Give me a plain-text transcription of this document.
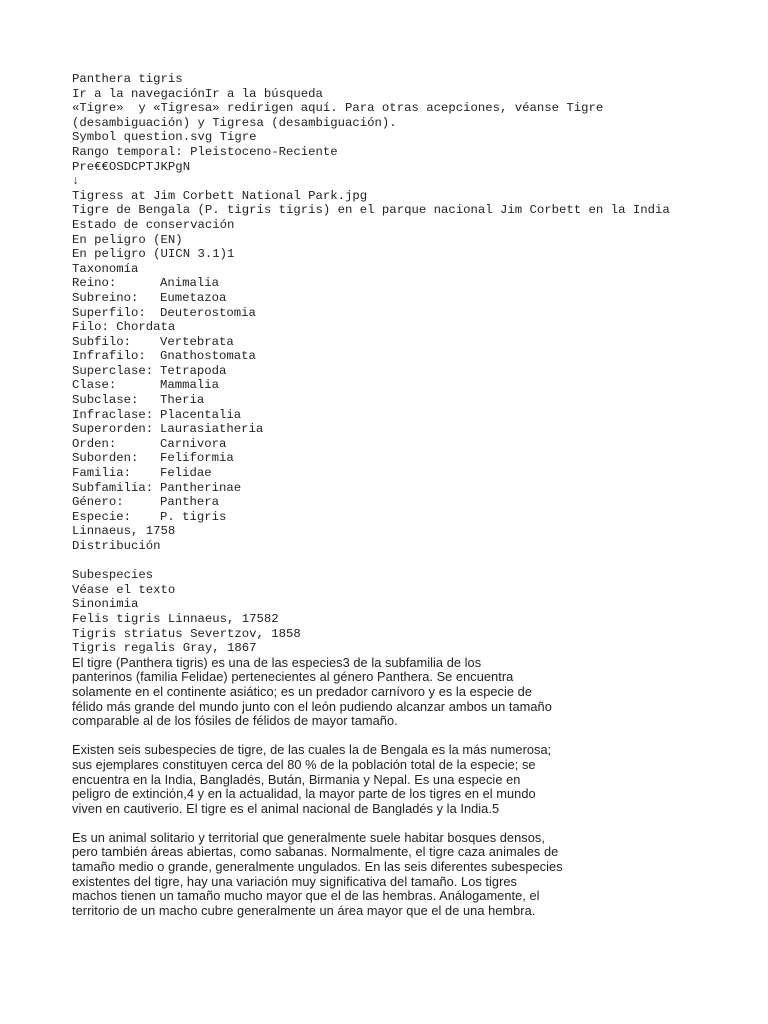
Panthera tigris
Ir a la navegaciónIr a la búsqueda
«Tigre»  y «Tigresa» redirigen aquí. Para otras acepciones, véanse Tigre
(desambiguación) y Tigresa (desambiguación).
Symbol question.svg Tigre
Rango temporal: Pleistoceno-Reciente
Pre€€OSDCPTJKPgN
↓
Tigress at Jim Corbett National Park.jpg
Tigre de Bengala (P. tigris tigris) en el parque nacional Jim Corbett en la India
Estado de conservación
En peligro (EN)
En peligro (UICN 3.1)1
Taxonomía
Reino:	Animalia
Subreino:	Eumetazoa
Superfilo:	Deuterostomia
Filo: Chordata
Subfilo:	Vertebrata
Infrafilo:	Gnathostomata
Superclase: Tetrapoda
Clase:	Mammalia
Subclase:	Theria
Infraclase: Placentalia
Superorden: Laurasiatheria
Orden:	Carnivora
Suborden:	Feliformia
Familia:	Felidae
Subfamilia: Pantherinae
Género:	Panthera
Especie:	P. tigris
Linnaeus, 1758
Distribución
Subespecies
Véase el texto
Sinonimia
Felis tigris Linnaeus, 17582
Tigris striatus Severtzov, 1858
Tigris regalis Gray, 1867
El tigre (Panthera tigris) es una de las especies3 de la subfamilia de los
panterinos (familia Felidae) pertenecientes al género Panthera. Se encuentra
solamente en el continente asiático; es un predador carnívoro y es la especie de
félido más grande del mundo junto con el león pudiendo alcanzar ambos un tamaño
comparable al de los fósiles de félidos de mayor tamaño.
Existen seis subespecies de tigre, de las cuales la de Bengala es la más numerosa;
sus ejemplares constituyen cerca del 80 % de la población total de la especie; se
encuentra en la India, Bangladés, Bután, Birmania y Nepal. Es una especie en
peligro de extinción,4 y en la actualidad, la mayor parte de los tigres en el mundo
viven en cautiverio. El tigre es el animal nacional de Bangladés y la India.5
Es un animal solitario y territorial que generalmente suele habitar bosques densos,
pero también áreas abiertas, como sabanas. Normalmente, el tigre caza animales de
tamaño medio o grande, generalmente ungulados. En las seis diferentes subespecies
existentes del tigre, hay una variación muy significativa del tamaño. Los tigres
machos tienen un tamaño mucho mayor que el de las hembras. Análogamente, el
territorio de un macho cubre generalmente un área mayor que el de una hembra.
